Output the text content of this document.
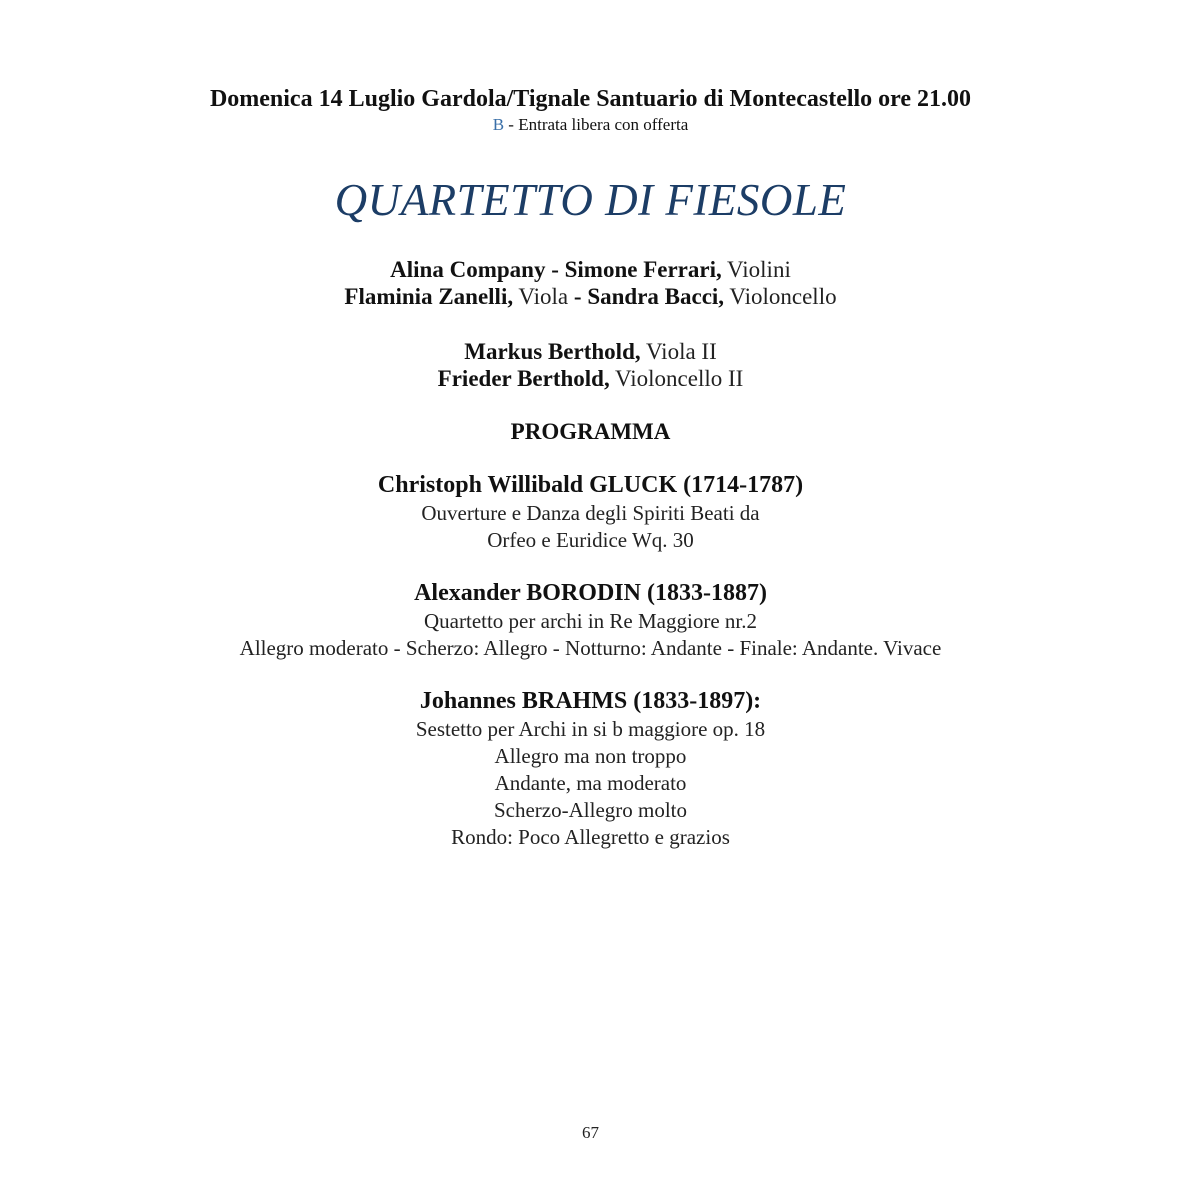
Domenica 14 Luglio Gardola/Tignale Santuario di Montecastello ore 21.00

B - Entrata libera con offerta

QUARTETTO DI FIESOLE

Alina Company - Simone Ferrari, Violini

Flaminia Zanelli, Viola - Sandra Bacci, Violoncello

Markus Berthold, Viola II

Frieder Berthold, Violoncello II

PROGRAMMA

Christoph Willibald GLUCK (1714-1787)

Ouverture e Danza degli Spiriti Beati da

Orfeo e Euridice Wq. 30

Alexander BORODIN (1833-1887)

Quartetto per archi in Re Maggiore nr.2

Allegro moderato - Scherzo: Allegro - Notturno: Andante - Finale: Andante. Vivace

Johannes BRAHMS (1833-1897):

Sestetto per Archi in si b maggiore op. 18

Allegro ma non troppo

Andante, ma moderato

Scherzo-Allegro molto

Rondo: Poco Allegretto e grazios

67
